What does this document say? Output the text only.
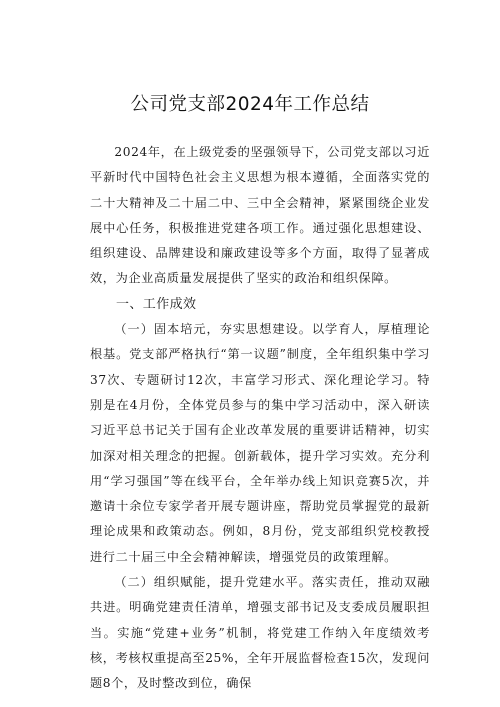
公司党支部2024年工作总结

2024年，在上级党委的坚强领导下，公司党支部以习近平新时代中国特色社会主义思想为根本遵循，全面落实党的二十大精神及二十届二中、三中全会精神，紧紧围绕企业发展中心任务，积极推进党建各项工作。通过强化思想建设、组织建设、品牌建设和廉政建设等多个方面，取得了显著成效，为企业高质量发展提供了坚实的政治和组织保障。

一、工作成效

（一）固本培元，夯实思想建设。以学育人，厚植理论根基。党支部严格执行“第一议题”制度，全年组织集中学习37次、专题研讨12次，丰富学习形式、深化理论学习。特别是在4月份，全体党员参与的集中学习活动中，深入研读习近平总书记关于国有企业改革发展的重要讲话精神，切实加深对相关理念的把握。创新载体，提升学习实效。充分利用“学习强国”等在线平台，全年举办线上知识竞赛5次，并邀请十余位专家学者开展专题讲座，帮助党员掌握党的最新理论成果和政策动态。例如，8月份，党支部组织党校教授进行二十届三中全会精神解读，增强党员的政策理解。

（二）组织赋能，提升党建水平。落实责任，推动双融共进。明确党建责任清单，增强支部书记及支委成员履职担当。实施“党建+业务”机制，将党建工作纳入年度绩效考核，考核权重提高至25%，全年开展监督检查15次，发现问题8个，及时整改到位，确保
